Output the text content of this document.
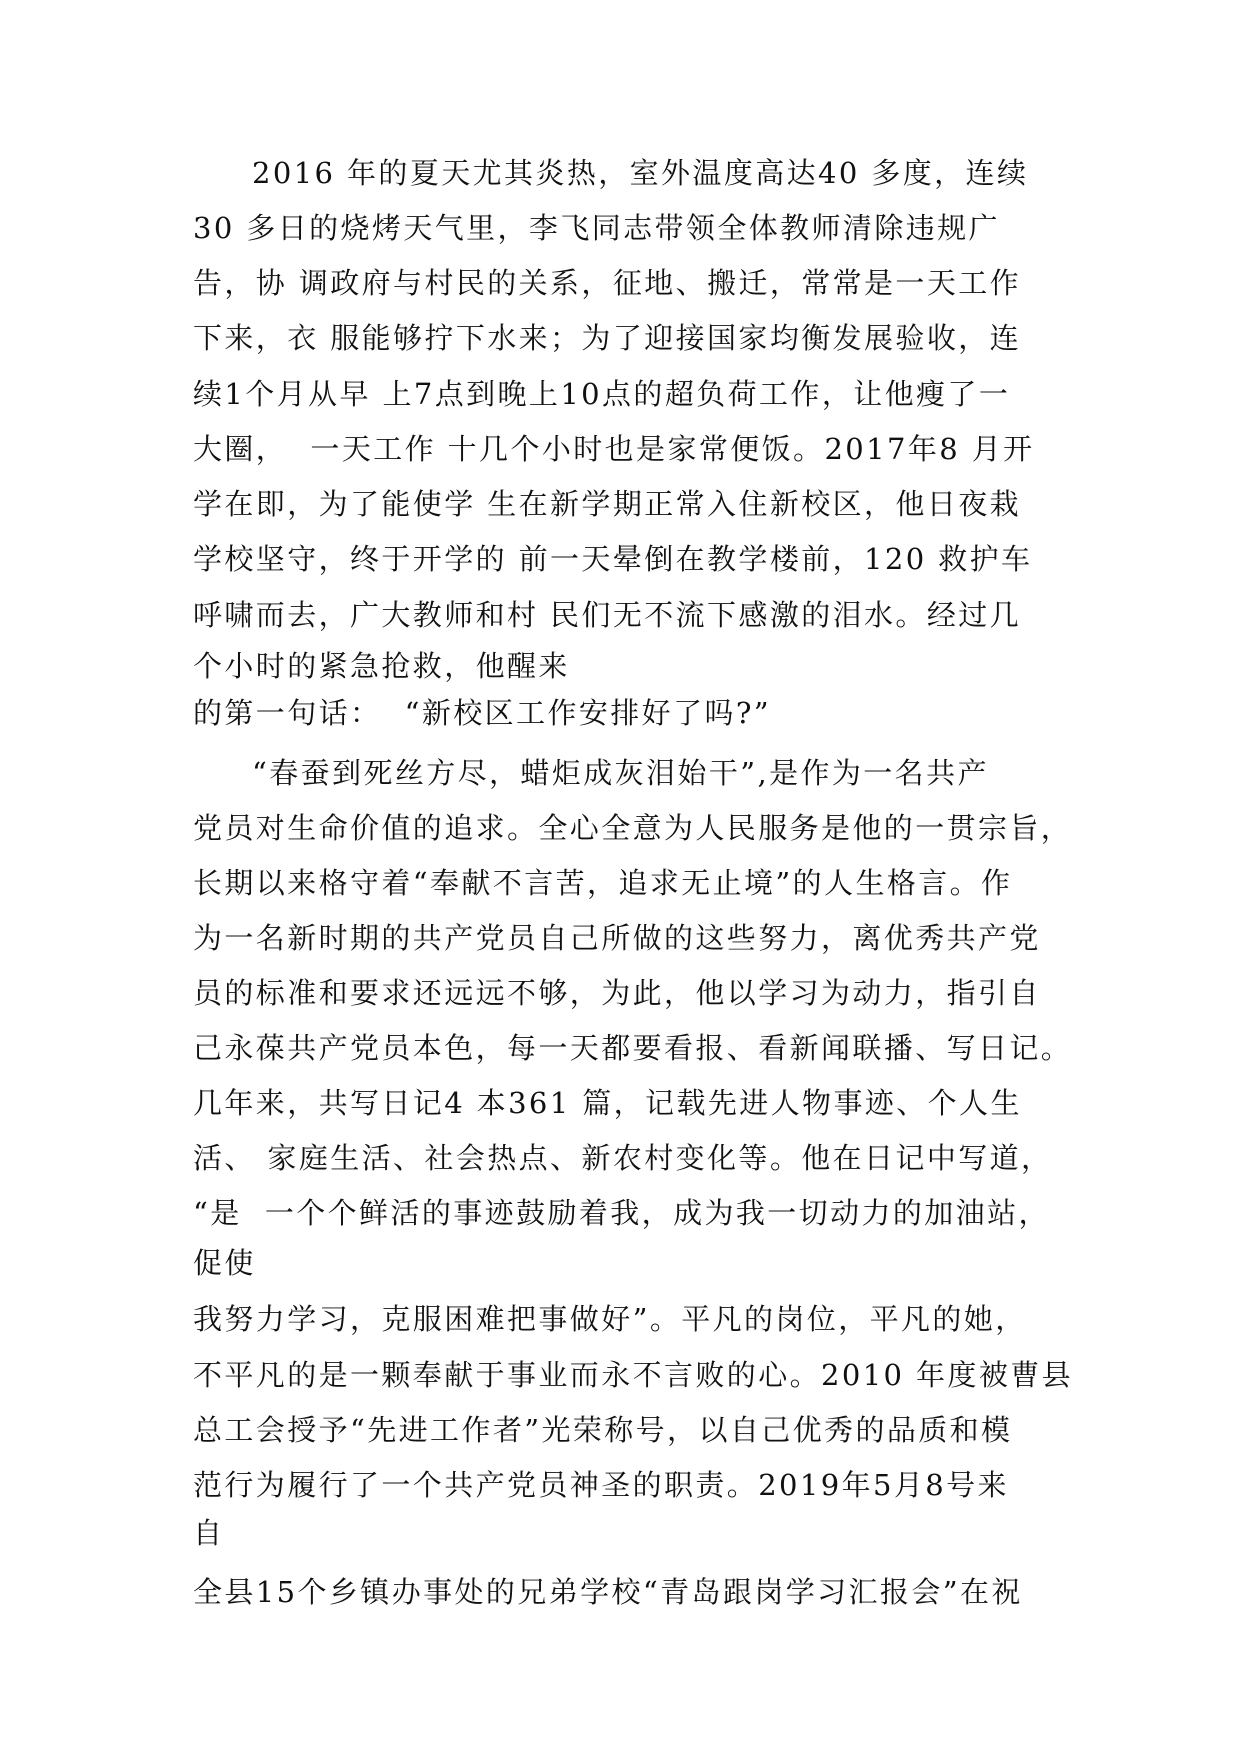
2016 年的夏天尤其炎热，室外温度高达40 多度，连续
30 多日的烧烤天气里，李飞同志带领全体教师清除违规广
告，协 调政府与村民的关系，征地、搬迁，常常是一天工作
下来，衣 服能够拧下水来；为了迎接国家均衡发展验收，连
续1个月从早 上7点到晚上10点的超负荷工作，让他瘦了一
大圈，  一天工作 十几个小时也是家常便饭。2017年8 月开
学在即，为了能使学 生在新学期正常入住新校区，他日夜栽
学校坚守，终于开学的 前一天晕倒在教学楼前，120 救护车
呼啸而去，广大教师和村 民们无不流下感激的泪水。经过几
个小时的紧急抢救，他醒来
的第一句话：  “新校区工作安排好了吗?”
“春蚕到死丝方尽，蜡炬成灰泪始干”,是作为一名共产
党员对生命价值的追求。全心全意为人民服务是他的一贯宗旨，
长期以来格守着“奉献不言苦，追求无止境”的人生格言。作
为一名新时期的共产党员自己所做的这些努力，离优秀共产党
员的标准和要求还远远不够，为此，他以学习为动力，指引自
己永葆共产党员本色，每一天都要看报、看新闻联播、写日记。
几年来，共写日记4 本361 篇，记载先进人物事迹、个人生
活、 家庭生活、社会热点、新农村变化等。他在日记中写道，
“是  一个个鲜活的事迹鼓励着我，成为我一切动力的加油站，
促使
我努力学习，克服困难把事做好”。平凡的岗位，平凡的她，
不平凡的是一颗奉献于事业而永不言败的心。2010 年度被曹县
总工会授予“先进工作者”光荣称号，以自己优秀的品质和模
范行为履行了一个共产党员神圣的职责。2019年5月8号来
自
全县15个乡镇办事处的兄弟学校“青岛跟岗学习汇报会”在祝
